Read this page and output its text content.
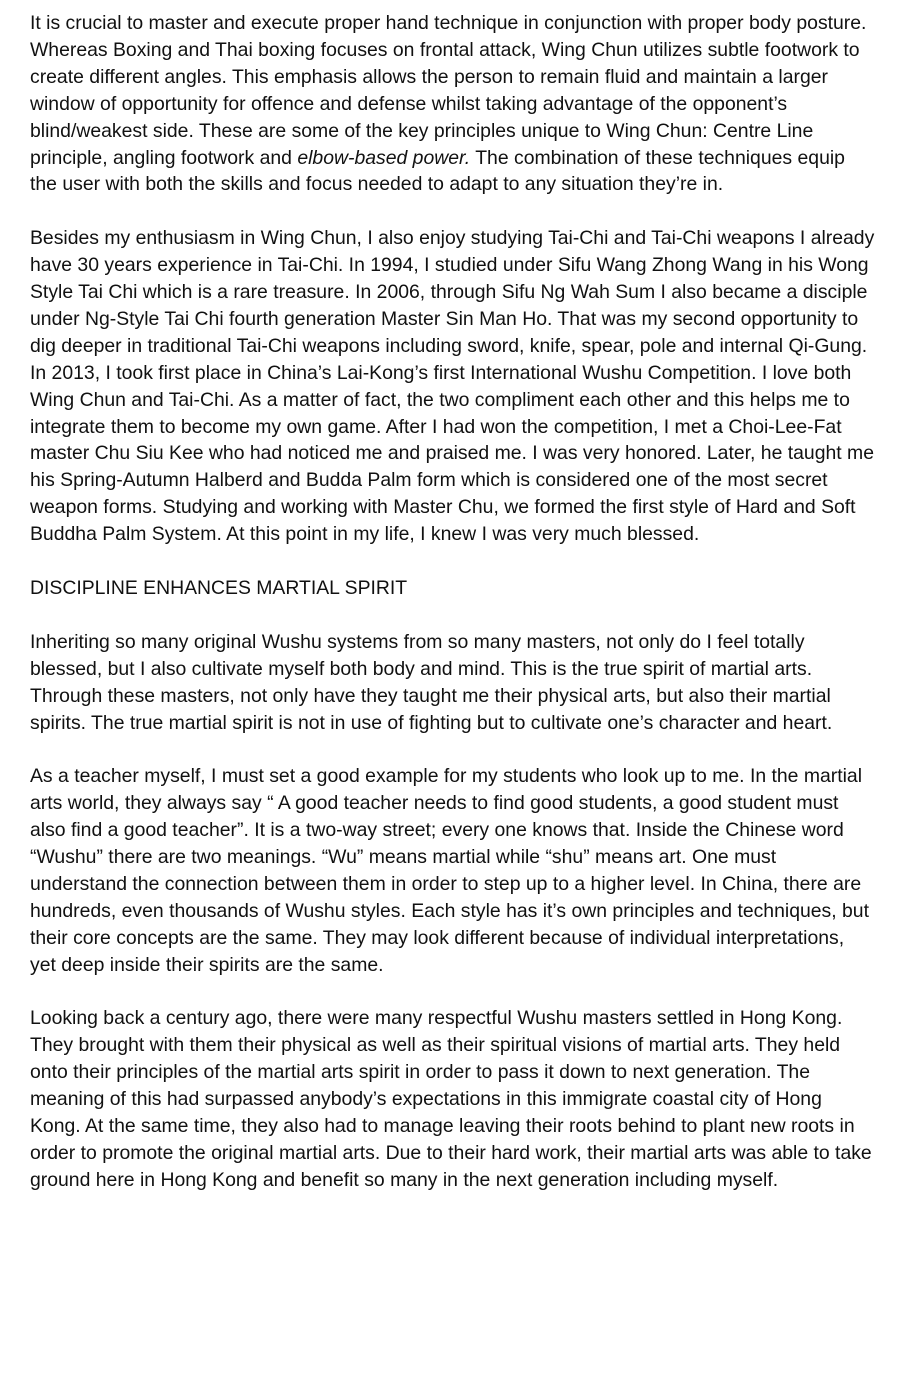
It is crucial to master and execute proper hand technique in conjunction with proper body posture. Whereas Boxing and Thai boxing focuses on frontal attack, Wing Chun utilizes subtle footwork to create different angles. This emphasis allows the person to remain fluid and maintain a larger window of opportunity for offence and defense whilst taking advantage of the opponent’s blind/weakest side. These are some of the key principles unique to Wing Chun: Centre Line principle, angling footwork and elbow-based power. The combination of these techniques equip the user with both the skills and focus needed to adapt to any situation they’re in.

Besides my enthusiasm in Wing Chun, I also enjoy studying Tai-Chi and Tai-Chi weapons I already have 30 years experience in Tai-Chi. In 1994, I studied under Sifu Wang Zhong Wang in his Wong Style Tai Chi which is a rare treasure. In 2006, through Sifu Ng Wah Sum I also became a disciple under Ng-Style Tai Chi fourth generation Master Sin Man Ho. That was my second opportunity to dig deeper in traditional Tai-Chi weapons including sword, knife, spear, pole and internal Qi-Gung. In 2013, I took first place in China’s Lai-Kong’s first International Wushu Competition. I love both Wing Chun and Tai-Chi. As a matter of fact, the two compliment each other and this helps me to integrate them to become my own game. After I had won the competition, I met a Choi-Lee-Fat master Chu Siu Kee who had noticed me and praised me. I was very honored. Later, he taught me his Spring-Autumn Halberd and Budda Palm form which is considered one of the most secret weapon forms. Studying and working with Master Chu, we formed the first style of Hard and Soft Buddha Palm System. At this point in my life, I knew I was very much blessed.

DISCIPLINE ENHANCES MARTIAL SPIRIT

Inheriting so many original Wushu systems from so many masters, not only do I feel totally blessed, but I also cultivate myself both body and mind. This is the true spirit of martial arts. Through these masters, not only have they taught me their physical arts, but also their martial spirits. The true martial spirit is not in use of fighting but to cultivate one’s character and heart.

As a teacher myself, I must set a good example for my students who look up to me. In the martial arts world, they always say “ A good teacher needs to find good students, a good student must also find a good teacher”. It is a two-way street; every one knows that. Inside the Chinese word “Wushu” there are two meanings. “Wu” means martial while “shu” means art. One must understand the connection between them in order to step up to a higher level. In China, there are hundreds, even thousands of Wushu styles. Each style has it’s own principles and techniques, but their core concepts are the same. They may look different because of individual interpretations, yet deep inside their spirits are the same.

Looking back a century ago, there were many respectful Wushu masters settled in Hong Kong. They brought with them their physical as well as their spiritual visions of martial arts. They held onto their principles of the martial arts spirit in order to pass it down to next generation. The meaning of this had surpassed anybody’s expectations in this immigrate coastal city of Hong Kong. At the same time, they also had to manage leaving their roots behind to plant new roots in order to promote the original martial arts. Due to their hard work, their martial arts was able to take ground here in Hong Kong and benefit so many in the next generation including myself.
